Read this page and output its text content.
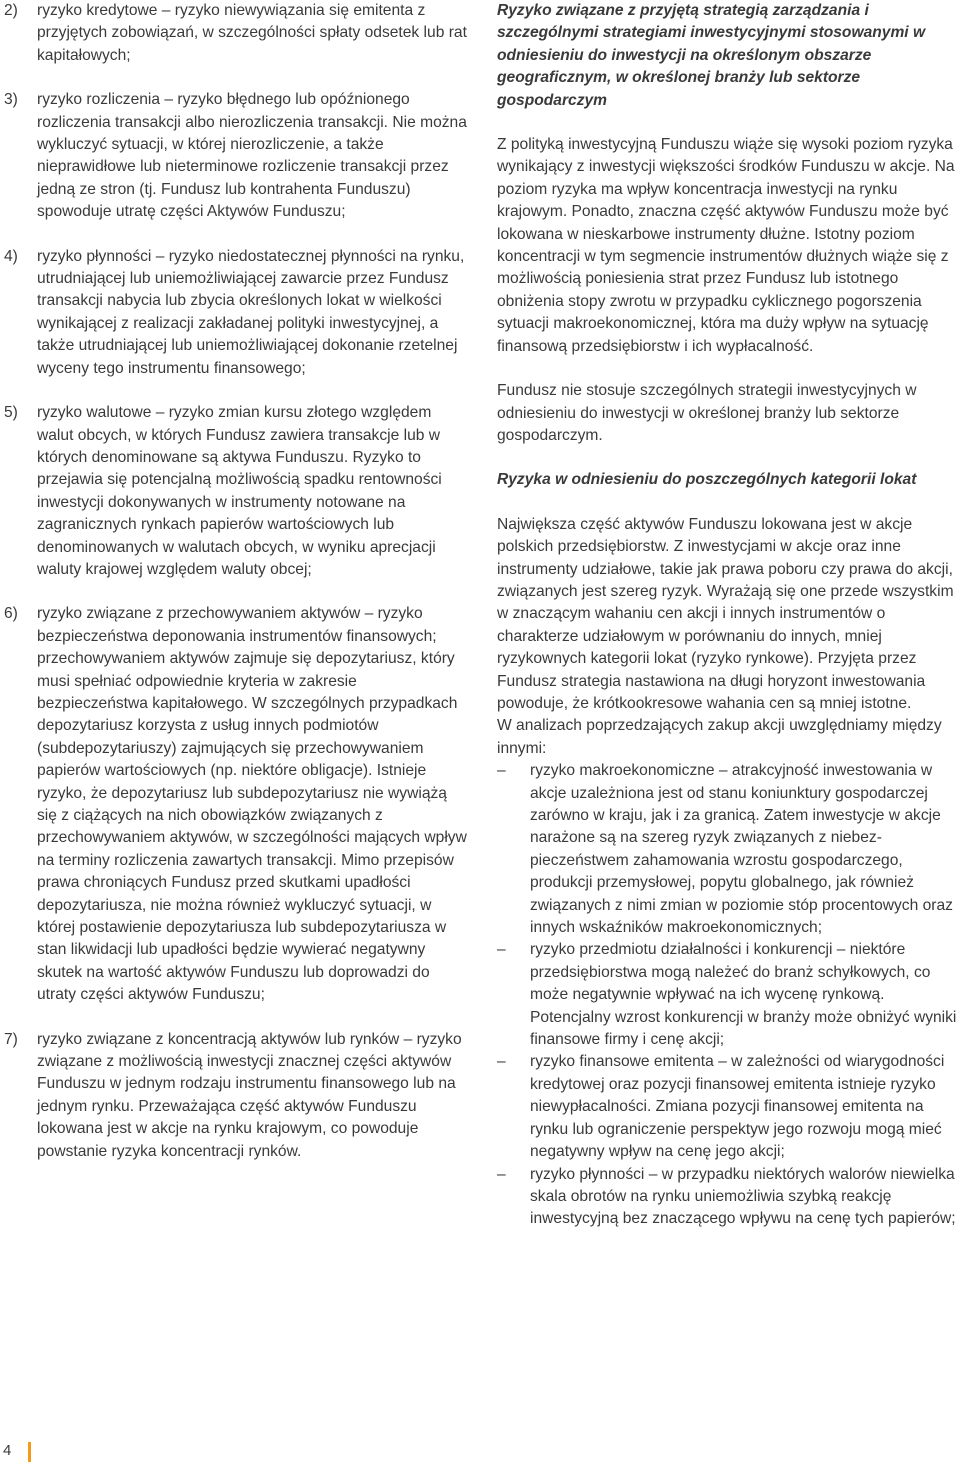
2) ryzyko kredytowe – ryzyko niewywiązania się emitenta z przyjętych zobowiązań, w szczególności spłaty odsetek lub rat kapitałowych;
3) ryzyko rozliczenia – ryzyko błędnego lub opóźnionego rozliczenia transakcji albo nierozliczenia transakcji. Nie można wykluczyć sytuacji, w której nierozliczenie, a także nieprawidłowe lub nieterminowe rozliczenie transakcji przez jedną ze stron (tj. Fundusz lub kontrahenta Funduszu) spowoduje utratę części Aktywów Funduszu;
4) ryzyko płynności – ryzyko niedostatecznej płynności na rynku, utrudniającej lub uniemożliwiającej zawarcie przez Fundusz transakcji nabycia lub zbycia określonych lokat w wielkości wynikającej z realizacji zakładanej polityki inwestycyjnej, a także utrudniającej lub uniemożliwiającej dokonanie rzetelnej wyceny tego instrumentu finansowego;
5) ryzyko walutowe – ryzyko zmian kursu złotego względem walut obcych, w których Fundusz zawiera transakcje lub w których denominowane są aktywa Funduszu. Ryzyko to przejawia się potencjalną możliwością spadku rentowności inwestycji dokonywanych w instrumenty notowane na zagranicznych rynkach papierów wartościowych lub denominowanych w walutach obcych, w wyniku aprecjacji waluty krajowej względem waluty obcej;
6) ryzyko związane z przechowywaniem aktywów – ryzyko bezpieczeństwa deponowania instrumentów finansowych; przechowywaniem aktywów zajmuje się depozytariusz, który musi spełniać odpowiednie kryteria w zakresie bezpieczeństwa kapitałowego. W szczególnych przypadkach depozytariusz korzysta z usług innych podmiotów (subdepozytariuszy) zajmujących się przechowywaniem papierów wartościowych (np. niektóre obligacje). Istnieje ryzyko, że depozytariusz lub subdepozytariusz nie wywiążą się z ciążących na nich obowiązków związanych z przechowywaniem aktywów, w szczególności mających wpływ na terminy rozliczenia zawartych transakcji. Mimo przepisów prawa chroniących Fundusz przed skutkami upadłości depozytariusza, nie można również wykluczyć sytuacji, w której postawienie depozytariusza lub subdepozytariusza w stan likwidacji lub upadłości będzie wywierać negatywny skutek na wartość aktywów Funduszu lub doprowadzi do utraty części aktywów Funduszu;
7) ryzyko związane z koncentracją aktywów lub rynków – ryzyko związane z możliwością inwestycji znacznej części aktywów Funduszu w jednym rodzaju instrumentu finansowego lub na jednym rynku. Przeważająca część aktywów Funduszu lokowana jest w akcje na rynku krajowym, co powoduje powstanie ryzyka koncentracji rynków.

Ryzyko związane z przyjętą strategią zarządzania i szczególnymi strategiami inwestycyjnymi stosowanymi w odniesieniu do inwestycji na określonym obszarze geograficznym, w określonej branży lub sektorze gospodarczym

Z polityką inwestycyjną Funduszu wiąże się wysoki poziom ryzyka wynikający z inwestycji większości środków Funduszu w akcje. Na poziom ryzyka ma wpływ koncentracja inwestycji na rynku krajowym. Ponadto, znaczna część aktywów Funduszu może być lokowana w nieskarbowe instrumenty dłużne. Istotny poziom koncentracji w tym segmencie instrumentów dłużnych wiąże się z możliwością poniesienia strat przez Fundusz lub istotnego obniżenia stopy zwrotu w przypadku cyklicznego pogorszenia sytuacji makroekonomicznej, która ma duży wpływ na sytuację finansową przedsiębiorstw i ich wypłacalność.

Fundusz nie stosuje szczególnych strategii inwestycyjnych w odniesieniu do inwestycji w określonej branży lub sektorze gospodarczym.

Ryzyka w odniesieniu do poszczególnych kategorii lokat

Największa część aktywów Funduszu lokowana jest w akcje polskich przedsiębiorstw. Z inwestycjami w akcje oraz inne instrumenty udziałowe, takie jak prawa poboru czy prawa do akcji, związanych jest szereg ryzyk. Wyrażają się one przede wszystkim w znaczącym wahaniu cen akcji i innych instrumentów o charakterze udziałowym w porównaniu do innych, mniej ryzykownych kategorii lokat (ryzyko rynkowe). Przyjęta przez Fundusz strategia nastawiona na długi horyzont inwestowania powoduje, że krótkookresowe wahania cen są mniej istotne.

W analizach poprzedzających zakup akcji uwzględniamy między innymi:

– ryzyko makroekonomiczne – atrakcyjność inwestowania w akcje uzależniona jest od stanu koniunktury gospodarczej zarówno w kraju, jak i za granicą. Zatem inwestycje w akcje narażone są na szereg ryzyk związanych z niebez-pieczeństwem zahamowania wzrostu gospodarczego, produkcji przemysłowej, popytu globalnego, jak również związanych z nimi zmian w poziomie stóp procentowych oraz innych wskaźników makroekonomicznych;
– ryzyko przedmiotu działalności i konkurencji – niektóre przedsiębiorstwa mogą należeć do branż schyłkowych, co może negatywnie wpływać na ich wycenę rynkową. Potencjalny wzrost konkurencji w branży może obniżyć wyniki finansowe firmy i cenę akcji;
– ryzyko finansowe emitenta – w zależności od wiarygodności kredytowej oraz pozycji finansowej emitenta istnieje ryzyko niewypłacalności. Zmiana pozycji finansowej emitenta na rynku lub ograniczenie perspektyw jego rozwoju mogą mieć negatywny wpływ na cenę jego akcji;
– ryzyko płynności – w przypadku niektórych walorów niewielka skala obrotów na rynku uniemożliwia szybką reakcję inwestycyjną bez znaczącego wpływu na cenę tych papierów;
4
